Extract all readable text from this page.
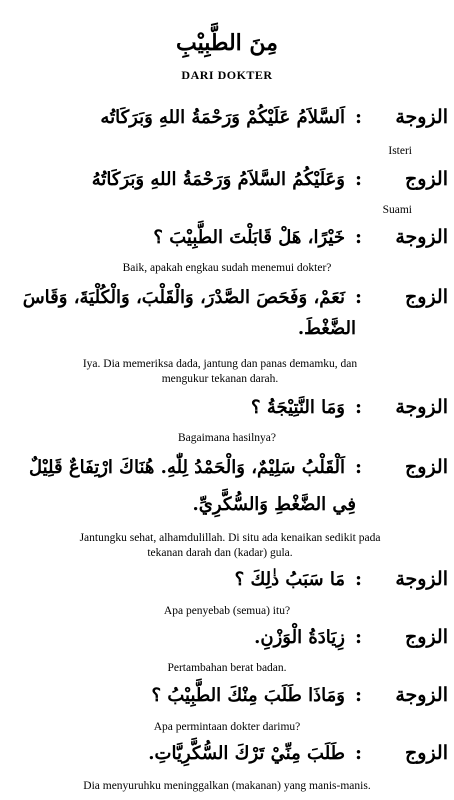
مِنَ الطَّبِيْبِ
DARI DOKTER
الزوجة
:
اَلسَّلاَمُ عَلَيْكُمْ وَرَحْمَةُ اللهِ وَبَرَكَاتُه
Isteri
الزوج
:
وَعَلَيْكُمُ السَّلاَمُ وَرَحْمَةُ اللهِ وَبَرَكَاتُهُ
Suami
الزوجة
:
خَيْرًا، هَلْ قَابَلْتَ الطَّبِيْبَ ؟
Baik, apakah engkau sudah menemui dokter?
الزوج
:
نَعَمْ، وَفَحَصَ الصَّدْرَ، وَالْقَلْبَ، وَالْكُلْيَةَ، وَقَاسَ
الضَّغْطَ.
Iya. Dia memeriksa dada, jantung dan panas demamku, dan
mengukur tekanan darah.
الزوجة
:
وَمَا النَّتِيْجَةُ ؟
Bagaimana hasilnya?
الزوج
:
اَلْقَلْبُ سَلِيْمٌ، وَالْحَمْدُ لِلّٰهِ. هُنَاكَ ارْتِفَاعٌ قَلِيْلٌ
فِي الضَّغْطِ وَالسُّكَّرِيِّ.
Jantungku sehat, alhamdulillah. Di situ ada kenaikan sedikit pada
tekanan darah dan (kadar) gula.
الزوجة
:
مَا سَبَبُ ذٰلِكَ ؟
Apa penyebab (semua) itu?
الزوج
:
زِيَادَةُ الْوَزْنِ.
Pertambahan berat badan.
الزوجة
:
وَمَاذَا طَلَبَ مِنْكَ الطَّبِيْبُ ؟
Apa permintaan dokter darimu?
الزوج
:
طَلَبَ مِنِّيْ تَرْكَ السُّكَّرِيَّاتِ.
Dia menyuruhku meninggalkan (makanan) yang manis-manis.
